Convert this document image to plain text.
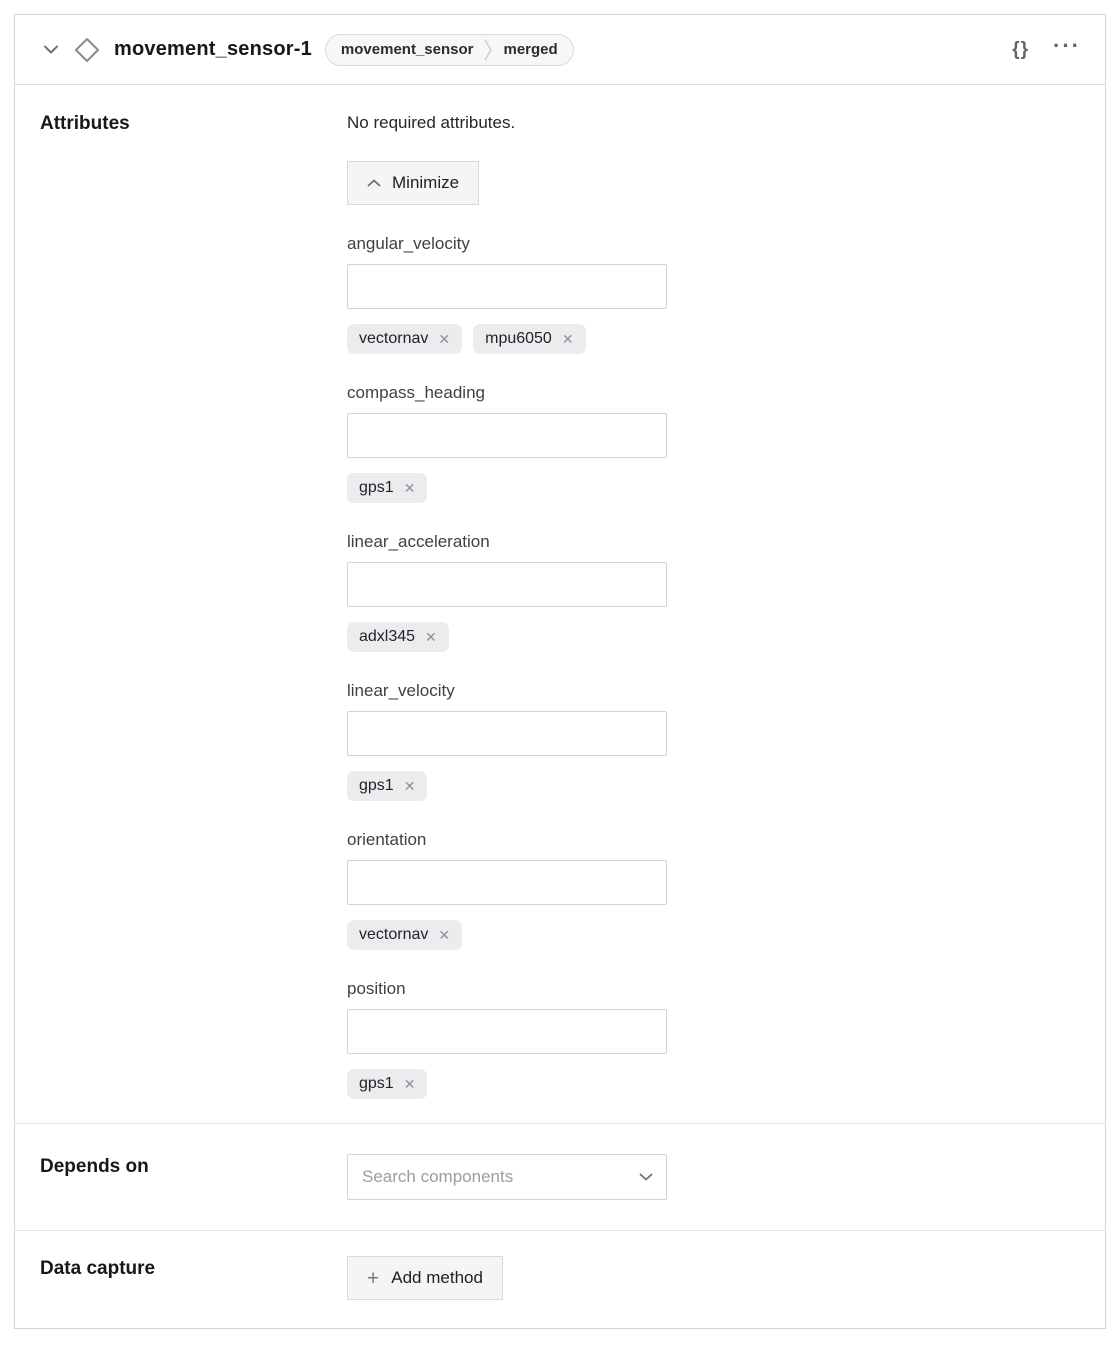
movement_sensor-1 movement_sensor merged	{} ···
Attributes	No required attributes.
Minimize
angular_velocity
vectornav ✕ mpu6050 ✕
compass_heading
gps1 ✕
linear_acceleration
adxl345 ✕
linear_velocity
gps1 ✕
orientation
vectornav ✕
position
gps1 ✕
Depends on
Search components
Data capture	+ Add method
